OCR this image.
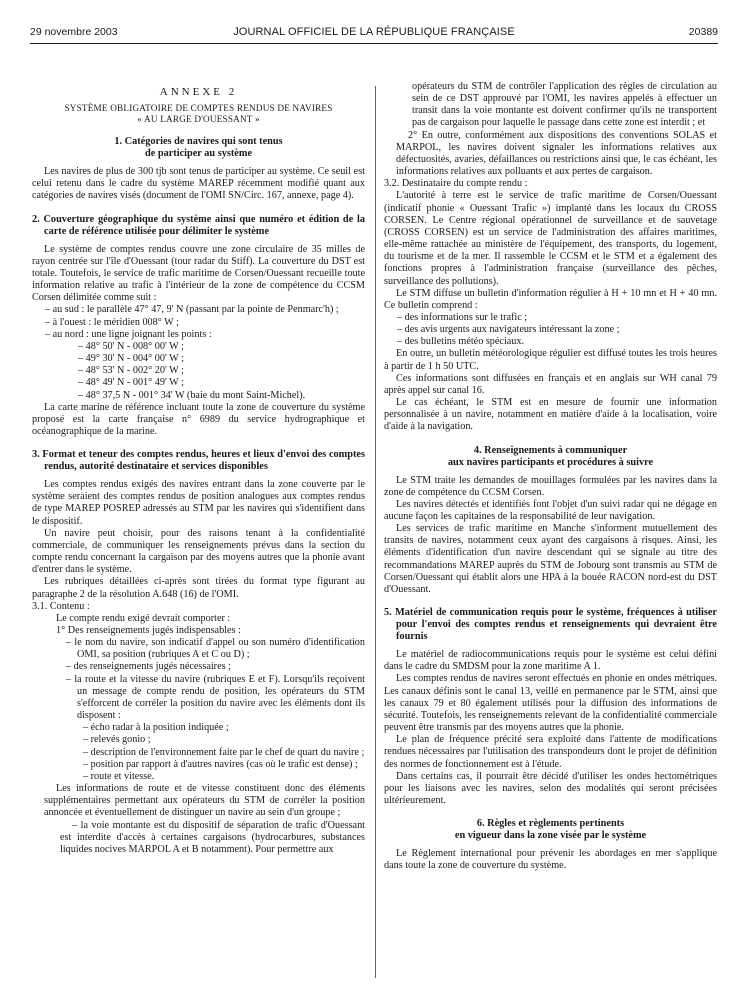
29 novembre 2003	JOURNAL OFFICIEL DE LA RÉPUBLIQUE FRANÇAISE	20389
ANNEXE 2
SYSTÈME OBLIGATOIRE DE COMPTES RENDUS DE NAVIRES
« AU LARGE D'OUESSANT »
1. Catégories de navires qui sont tenus
de participer au système

Les navires de plus de 300 tjb sont tenus de participer au système. Ce seuil est celui retenu dans le cadre du système MAREP récemment modifié quant aux catégories de navires visés (document de l'OMI SN/Circ. 167, annexe, page 4).

2. Couverture géographique du système ainsi que numéro et édition de la carte de référence utilisée pour délimiter le système

Le système de comptes rendus couvre une zone circulaire de 35 milles de rayon centrée sur l'île d'Ouessant (tour radar du Stiff). La couverture du DST est totale. Toutefois, le service de trafic maritime de Corsen/Ouessant recueille toute information relative au trafic à l'intérieur de la zone de compétence du CCSM Corsen délimitée comme suit :

– au sud : le parallèle 47° 47, 9' N (passant par la pointe de Penmarc'h) ;

– à l'ouest : le méridien 008° W ;

– au nord : une ligne joignant les points :

– 48° 50' N - 008° 00' W ;

– 49° 30' N - 004° 00' W ;

– 48° 53' N - 002° 20' W ;

– 48° 49' N - 001° 49' W ;

– 48° 37,5 N - 001° 34' W (baie du mont Saint-Michel).

La carte marine de référence incluant toute la zone de couverture du système proposé est la carte française n° 6989 du service hydrographique et océanographique de la marine.

3. Format et teneur des comptes rendus, heures et lieux d'envoi des comptes rendus, autorité destinataire et services disponibles

Les comptes rendus exigés des navires entrant dans la zone couverte par le système seraient des comptes rendus de position analogues aux comptes rendus de type MAREP POSREP adressés au STM par les navires qui s'identifient dans le dispositif.

Un navire peut choisir, pour des raisons tenant à la confidentialité commerciale, de communiquer les renseignements prévus dans la section du compte rendu concernant la cargaison par des moyens autres que la phonie avant d'entrer dans le système.

Les rubriques détaillées ci-après sont tirées du format type figurant au paragraphe 2 de la résolution A.648 (16) de l'OMI.

3.1. Contenu :

Le compte rendu exigé devrait comporter :

1° Des renseignements jugés indispensables :

– le nom du navire, son indicatif d'appel ou son numéro d'identification OMI, sa position (rubriques A et C ou D) ;

– des renseignements jugés nécessaires ;

– la route et la vitesse du navire (rubriques E et F). Lorsqu'ils reçoivent un message de compte rendu de position, les opérateurs du STM s'efforcent de corréler la position du navire avec les éléments dont ils disposent :

– écho radar à la position indiquée ;

– relevés gonio ;

– description de l'environnement faite par le chef de quart du navire ;

– position par rapport à d'autres navires (cas où le trafic est dense) ;

– route et vitesse.

Les informations de route et de vitesse constituent donc des éléments supplémentaires permettant aux opérateurs du STM de corréler la position annoncée et éventuellement de distinguer un navire au sein d'un groupe ;

– la voie montante est du dispositif de séparation de trafic d'Ouessant est interdite d'accès à certaines cargaisons (hydrocarbures, substances liquides nocives MARPOL A et B notamment). Pour permettre aux

opérateurs du STM de contrôler l'application des règles de circulation au sein de ce DST approuvé par l'OMI, les navires appelés à effectuer un transit dans la voie montante est doivent confirmer qu'ils ne transportent pas de cargaison pour laquelle le passage dans cette zone est interdit ; et

2° En outre, conformément aux dispositions des conventions SOLAS et MARPOL, les navires doivent signaler les informations relatives aux défectuosités, avaries, défaillances ou restrictions ainsi que, le cas échéant, les informations relatives aux polluants et aux pertes de cargaison.

3.2. Destinataire du compte rendu :

L'autorité à terre est le service de trafic maritime de Corsen/Ouessant (indicatif phonie « Ouessant Trafic ») implanté dans les locaux du CROSS CORSEN. Le Centre régional opérationnel de surveillance et de sauvetage (CROSS CORSEN) est un service de l'administration des affaires maritimes, elle-même rattachée au ministère de l'équipement, des transports, du logement, du tourisme et de la mer. Il rassemble le CCSM et le STM et a également des fonctions propres à l'administration française (surveillance des pêches, surveillance des pollutions).

Le STM diffuse un bulletin d'information régulier à H + 10 mn et H + 40 mn. Ce bulletin comprend :

– des informations sur le trafic ;

– des avis urgents aux navigateurs intéressant la zone ;

– des bulletins météo spéciaux.

En outre, un bulletin météorologique régulier est diffusé toutes les trois heures à partir de 1 h 50 UTC.

Ces informations sont diffusées en français et en anglais sur WH canal 79 après appel sur canal 16.

Le cas échéant, le STM est en mesure de fournir une information personnalisée à un navire, notamment en matière d'aide à la localisation, voire d'aide à la navigation.

4. Renseignements à communiquer
aux navires participants et procédures à suivre

Le STM traite les demandes de mouillages formulées par les navires dans la zone de compétence du CCSM Corsen.

Les navires détectés et identifiés font l'objet d'un suivi radar qui ne dégage en aucune façon les capitaines de la responsabilité de leur navigation.

Les services de trafic maritime en Manche s'informent mutuellement des transits de navires, notamment ceux ayant des cargaisons à risques. Ainsi, les éléments d'identification d'un navire descendant qui se signale au titre des recommandations MAREP auprès du STM de Jobourg sont transmis au STM de Corsen/Ouessant qui établit alors une HPA à la bouée RACON nord-est du DST d'Ouessant.

5. Matériel de communication requis pour le système, fréquences à utiliser pour l'envoi des comptes rendus et renseignements qui devraient être fournis

Le matériel de radiocommunications requis pour le système est celui défini dans le cadre du SMDSM pour la zone maritime A 1.

Les comptes rendus de navires seront effectués en phonie en ondes métriques. Les canaux définis sont le canal 13, veillé en permanence par le STM, ainsi que les canaux 79 et 80 également utilisés pour la diffusion des informations de sécurité. Toutefois, les renseignements relevant de la confidentialité commerciale peuvent être transmis par des moyens autres que la phonie.

Le plan de fréquence précité sera exploité dans l'attente de modifications rendues nécessaires par l'utilisation des transpondeurs dont le projet de définition des normes de fonctionnement est à l'étude.

Dans certains cas, il pourrait être décidé d'utiliser les ondes hectométriques pour les liaisons avec les navires, selon des modalités qui seront précisées ultérieurement.

6. Règles et règlements pertinents
en vigueur dans la zone visée par le système

Le Règlement international pour prévenir les abordages en mer s'applique dans toute la zone de couverture du système.
